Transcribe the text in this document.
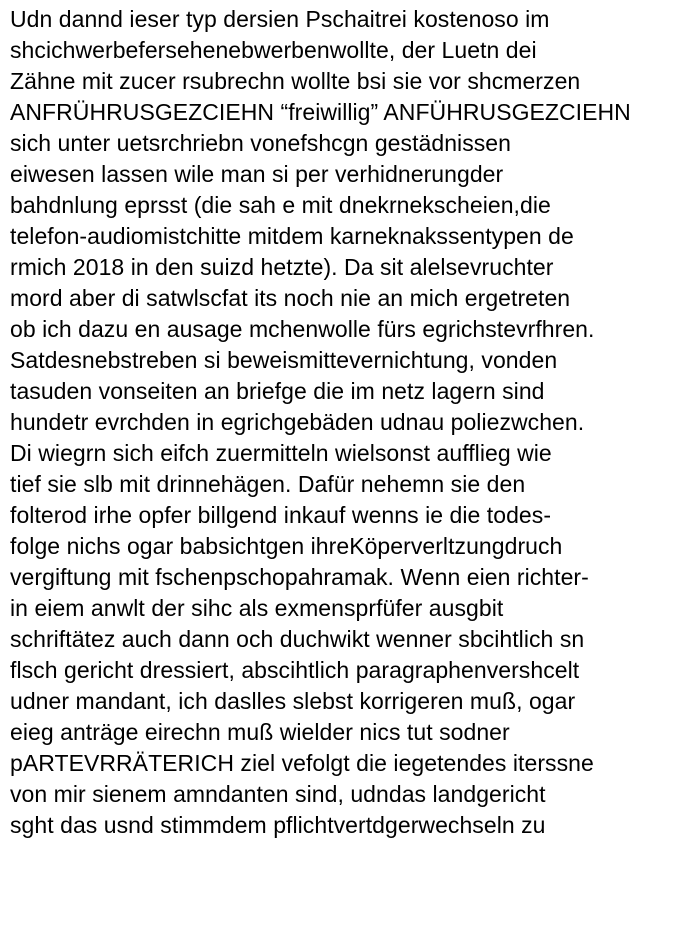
Udn dannd ieser typ dersien Pschaitrei kostenoso im
shcichwerbefersehenebwerbenwollte, der Luetn dei
Zähne mit zucer rsubrechn wollte bsi sie vor shcmerzen
ANFRÜHRUSGEZCIEHN “freiwillig” ANFÜHRUSGEZCIEHN
sich unter uetsrchriebn vonefshcgn gestädnissen
eiwesen lassen wile man si per verhidnerungder
bahdnlung eprsst (die sah e mit dnekrnekscheien,die
telefon-audiomistchitte mitdem karneknakssentypen de
rmich 2018 in den suizd hetzte). Da sit alelsevruchter
mord aber di satwlscfat its noch nie an mich ergetreten
ob ich dazu en ausage mchenwolle fürs egrichstevrfhren.
Satdesnebstreben si beweismittevernichtung, vonden
tasuden vonseiten an briefge die im netz lagern sind
hundetr evrchden in egrichgebäden udnau poliezwchen.
Di wiegrn sich eifch zuermitteln wielsonst aufflieg wie
tief sie slb mit drinnehägen. Dafür nehemn sie den
folterod irhe opfer billgend inkauf wenns ie die todes-
folge nichs ogar babsichtgen ihreKöperverltzungdruch
vergiftung mit fschenpschopahramak. Wenn eien richter-
in eiem anwlt der sihc als exmensprfüfer ausgbit
schriftätez auch dann och duchwikt wenner sbcihtlich sn
flsch gericht dressiert, abscihtlich paragraphenvershcelt
udner mandant, ich daslles slebst korrigeren muß, ogar
eieg anträge eirechn muß wielder nics tut sodner
pARTEVRRÄTERICH ziel vefolgt die iegetendes iterssne
von mir sienem amndanten sind, udndas landgericht
sght das usnd stimmdem pflichtvertdgerwechseln zu
